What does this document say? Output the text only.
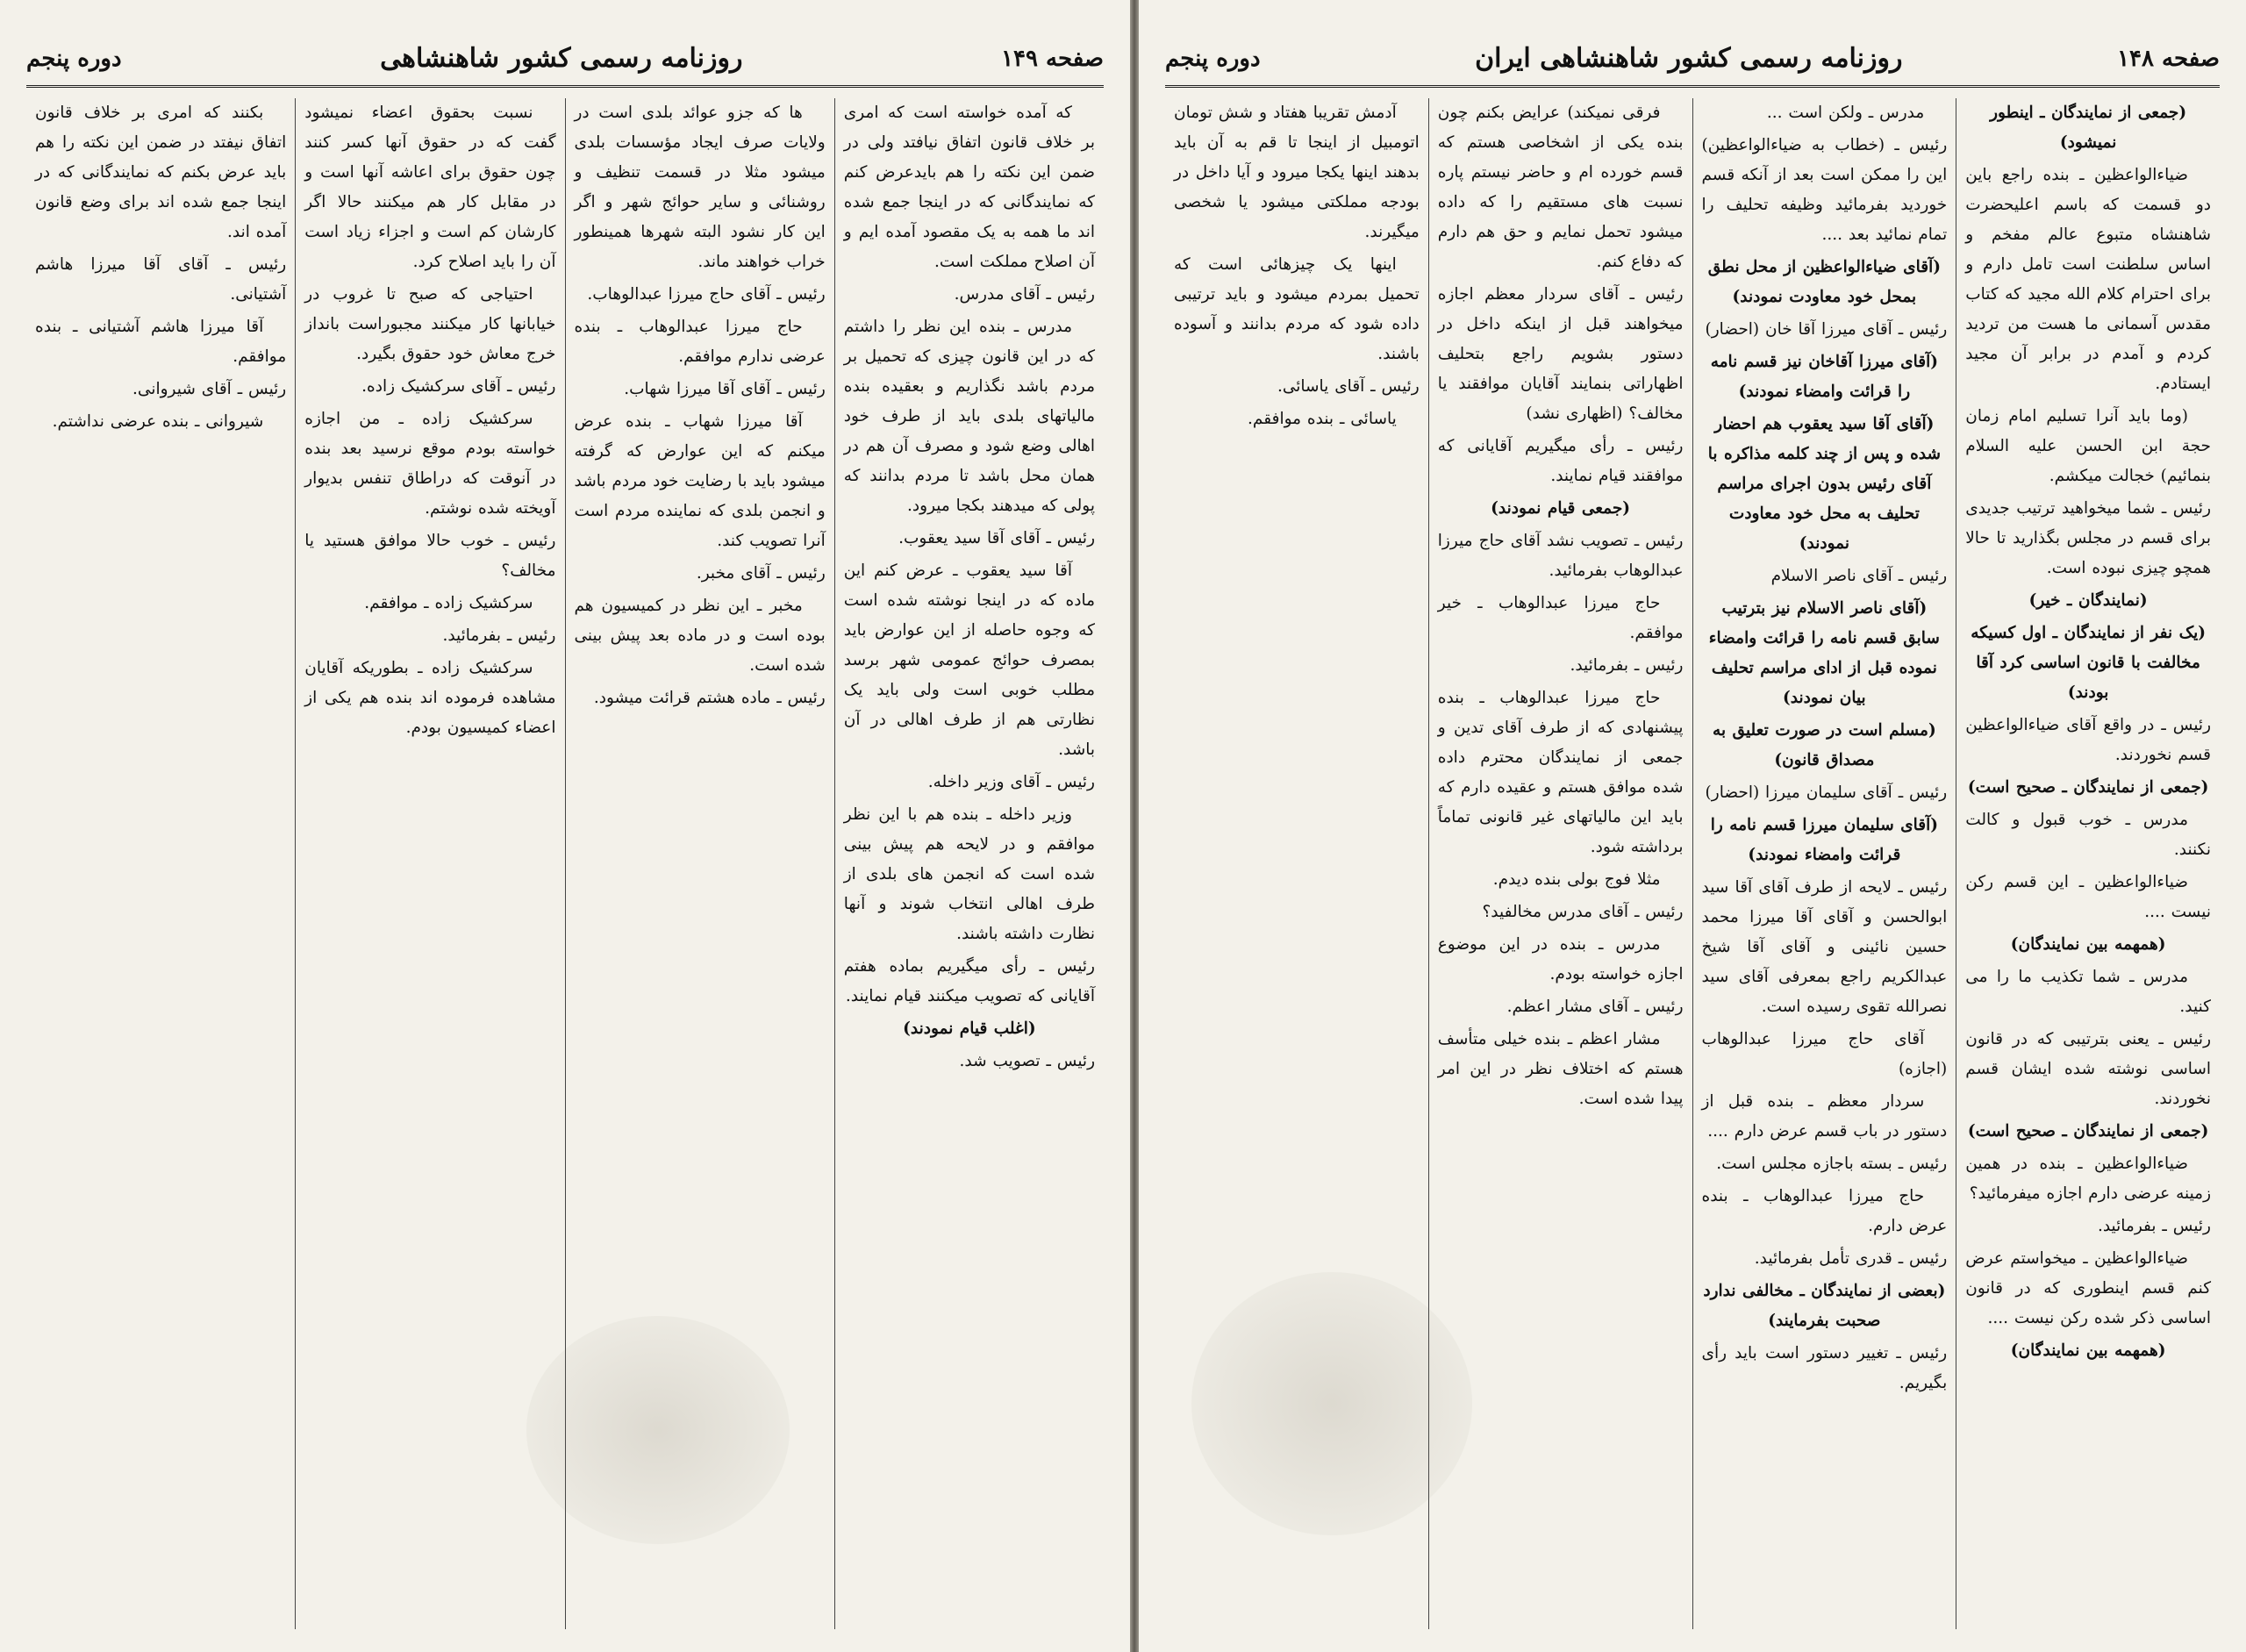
صفحه ۱۴۹
روزنامه رسمی کشور شاهنشاهی
دوره پنجم

که آمده خواسته است که امری بر خلاف قانون اتفاق نیافتد ولی در ضمن این نکته را هم بایدعرض کنم که نمایندگانی که در اینجا جمع شده اند ما همه به یک مقصود آمده ایم و آن اصلاح مملکت است.

رئیس ـ آقای مدرس.

مدرس ـ بنده این نظر را داشتم که در این قانون چیزی که تحمیل بر مردم باشد نگذاریم و بعقیده بنده مالیاتهای بلدی باید از طرف خود اهالی وضع شود و مصرف آن هم در همان محل باشد تا مردم بدانند که پولی که میدهند بکجا میرود.

رئیس ـ آقای آقا سید یعقوب.

آقا سید یعقوب ـ عرض کنم این ماده که در اینجا نوشته شده است که وجوه حاصله از این عوارض باید بمصرف حوائج عمومی شهر برسد مطلب خوبی است ولی باید یک نظارتی هم از طرف اهالی در آن باشد.

رئیس ـ آقای وزیر داخله.

وزیر داخله ـ بنده هم با این نظر موافقم و در لایحه هم پیش بینی شده است که انجمن های بلدی از طرف اهالی انتخاب شوند و آنها نظارت داشته باشند.

رئیس ـ رأی میگیریم بماده هفتم آقایانی که تصویب میکنند قیام نمایند.

(اغلب قیام نمودند)

رئیس ـ تصویب شد.

ها که جزو عوائد بلدی است در ولایات صرف ایجاد مؤسسات بلدی میشود مثلا در قسمت تنظیف و روشنائی و سایر حوائج شهر و اگر این کار نشود البته شهرها همینطور خراب خواهند ماند.

رئیس ـ آقای حاج میرزا عبدالوهاب.

حاج میرزا عبدالوهاب ـ بنده عرضی ندارم موافقم.

رئیس ـ آقای آقا میرزا شهاب.

آقا میرزا شهاب ـ بنده عرض میکنم که این عوارض که گرفته میشود باید با رضایت خود مردم باشد و انجمن بلدی که نماینده مردم است آنرا تصویب کند.

رئیس ـ آقای مخبر.

مخبر ـ این نظر در کمیسیون هم بوده است و در ماده بعد پیش بینی شده است.

رئیس ـ ماده هشتم قرائت میشود.

نسبت بحقوق اعضاء نمیشود گفت که در حقوق آنها کسر کنند چون حقوق برای اعاشه آنها است و در مقابل کار هم میکنند حالا اگر کارشان کم است و اجزاء زیاد است آن را باید اصلاح کرد.

احتیاجی که صبح تا غروب در خیابانها کار میکنند مجبوراست بانداز خرج معاش خود حقوق بگیرد.

رئیس ـ آقای سرکشیک زاده.

سرکشیک زاده ـ من اجازه خواسته بودم موقع نرسید بعد بنده در آنوقت که دراطاق تنفس بدیوار آویخته شده نوشتم.

رئیس ـ خوب حالا موافق هستید یا مخالف؟

سرکشیک زاده ـ موافقم.

رئیس ـ بفرمائید.

سرکشیک زاده ـ بطوریکه آقایان مشاهده فرموده اند بنده هم یکی از اعضاء کمیسیون بودم.

بکنند که امری بر خلاف قانون اتفاق نیفتد در ضمن این نکته را هم باید عرض بکنم که نمایندگانی که در اینجا جمع شده اند برای وضع قانون آمده اند.

رئیس ـ آقای آقا میرزا هاشم آشتیانی.

آقا میرزا هاشم آشتیانی ـ بنده موافقم.

رئیس ـ آقای شیروانی.

شیروانی ـ بنده عرضی نداشتم.

صفحه ۱۴۸
روزنامه رسمی کشور شاهنشاهی ایران
دوره پنجم

(جمعی از نمایندگان ـ اینطور نمیشود)

ضیاءالواعظین ـ بنده راجع باین دو قسمت که باسم اعلیحضرت شاهنشاه متبوع عالم مفخم و اساس سلطنت است تامل دارم و برای احترام کلام الله مجید که کتاب مقدس آسمانی ما هست من تردید کردم و آمدم در برابر آن مجید ایستادم.

(وما باید آنرا تسلیم امام زمان حجة ابن الحسن علیه السلام بنمائیم) خجالت میکشم.

رئیس ـ شما میخواهید ترتیب جدیدی برای قسم در مجلس بگذارید تا حالا همچو چیزی نبوده است.

(نمایندگان ـ خیر)

(یک نفر از نمایندگان ـ اول کسیکه مخالفت با قانون اساسی کرد آقا بودند)

رئیس ـ در واقع آقای ضیاءالواعظین قسم نخوردند.

(جمعی از نمایندگان ـ صحیح است)

مدرس ـ خوب قبول و کالت نکنند.

ضیاءالواعظین ـ این قسم رکن نیست ....

(همهمه بین نمایندگان)

مدرس ـ شما تکذیب ما را می کنید.

رئیس ـ یعنی بترتیبی که در قانون اساسی نوشته شده ایشان قسم نخوردند.

(جمعی از نمایندگان ـ صحیح است)

ضیاءالواعظین ـ بنده در همین زمینه عرضی دارم اجازه میفرمائید؟

رئیس ـ بفرمائید.

ضیاءالواعظین ـ میخواستم عرض کنم قسم اینطوری که در قانون اساسی ذکر شده رکن نیست ....

(همهمه بین نمایندگان)

مدرس ـ ولکن است ...

رئیس ـ (خطاب به ضیاءالواعظین) این را ممکن است بعد از آنکه قسم خوردید بفرمائید وظیفه تحلیف را تمام نمائید بعد ....

(آقای ضیاءالواعظین از محل نطق بمحل خود معاودت نمودند)

رئیس ـ آقای میرزا آقا خان (احضار)

(آقای میرزا آقاخان نیز قسم نامه را قرائت وامضاء نمودند)

(آقای آقا سید یعقوب هم احضار شده و پس از چند کلمه مذاکره با آقای رئیس بدون اجرای مراسم تحلیف به محل خود معاودت نمودند)

رئیس ـ آقای ناصر الاسلام

(آقای ناصر الاسلام نیز بترتیب سابق قسم نامه را قرائت وامضاء نموده قبل از ادای مراسم تحلیف بیان نمودند)

(مسلم است در صورت تعلیق به مصداق قانون)

رئیس ـ آقای سلیمان میرزا (احضار)

(آقای سلیمان میرزا قسم نامه را قرائت وامضاء نمودند)

رئیس ـ لایحه از طرف آقای آقا سید ابوالحسن و آقای آقا میرزا محمد حسین نائینی و آقای آقا شیخ عبدالکریم راجع بمعرفی آقای سید نصرالله تقوی رسیده است.

آقای حاج میرزا عبدالوهاب (اجازه)

سردار معظم ـ بنده قبل از دستور در باب قسم عرض دارم ....

رئیس ـ بسته باجازه مجلس است.

حاج میرزا عبدالوهاب ـ بنده عرض دارم.

رئیس ـ قدری تأمل بفرمائید.

(بعضی از نمایندگان ـ مخالفی ندارد صحبت بفرمایند)

رئیس ـ تغییر دستور است باید رأی بگیریم.

فرقی نمیکند) عرایض بکنم چون بنده یکی از اشخاصی هستم که قسم خورده ام و حاضر نیستم پاره نسبت های مستقیم را که داده میشود تحمل نمایم و حق هم دارم که دفاع کنم.

رئیس ـ آقای سردار معظم اجازه میخواهند قبل از اینکه داخل در دستور بشویم راجع بتحلیف اظهاراتی بنمایند آقایان موافقند یا مخالف؟ (اظهاری نشد)

رئیس ـ رأی میگیریم آقایانی که موافقند قیام نمایند.

(جمعی قیام نمودند)

رئیس ـ تصویب نشد آقای حاج میرزا عبدالوهاب بفرمائید.

حاج میرزا عبدالوهاب ـ خیر موافقم.

رئیس ـ بفرمائید.

حاج میرزا عبدالوهاب ـ بنده پیشنهادی که از طرف آقای تدین و جمعی از نمایندگان محترم داده شده موافق هستم و عقیده دارم که باید این مالیاتهای غیر قانونی تماماً برداشته شود.

مثلا فوج بولی بنده دیدم.

رئیس ـ آقای مدرس مخالفید؟

مدرس ـ بنده در این موضوع اجازه خواسته بودم.

رئیس ـ آقای مشار اعظم.

مشار اعظم ـ بنده خیلی متأسف هستم که اختلاف نظر در این امر پیدا شده است.

آدمش تقریبا هفتاد و شش تومان اتومبیل از اینجا تا قم به آن باید بدهند اینها یکجا میرود و آیا داخل در بودجه مملکتی میشود یا شخصی میگیرند.

اینها یک چیزهائی است که تحمیل بمردم میشود و باید ترتیبی داده شود که مردم بدانند و آسوده باشند.

رئیس ـ آقای یاسائی.

یاسائی ـ بنده موافقم.
